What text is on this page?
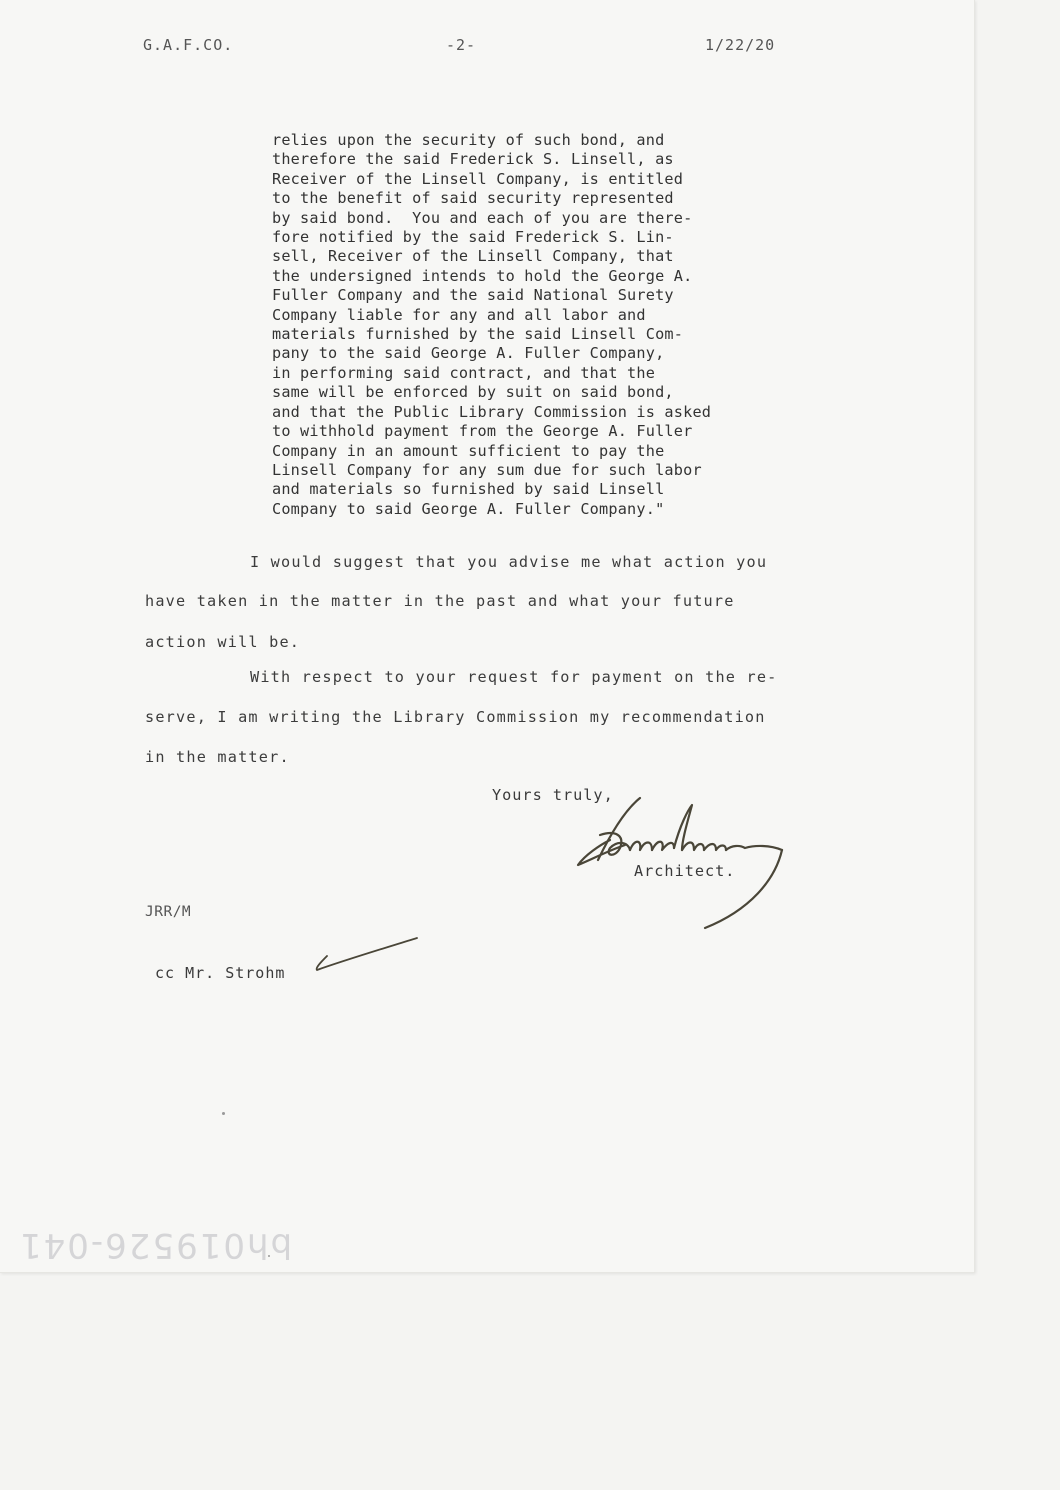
G.A.F.CO.	-2-	1/22/20
relies upon the security of such bond, and
therefore the said Frederick S. Linsell, as
Receiver of the Linsell Company, is entitled
to the benefit of said security represented
by said bond.  You and each of you are there-
fore notified by the said Frederick S. Lin-
sell, Receiver of the Linsell Company, that
the undersigned intends to hold the George A.
Fuller Company and the said National Surety
Company liable for any and all labor and
materials furnished by the said Linsell Com-
pany to the said George A. Fuller Company,
in performing said contract, and that the
same will be enforced by suit on said bond,
and that the Public Library Commission is asked
to withhold payment from the George A. Fuller
Company in an amount sufficient to pay the
Linsell Company for any sum due for such labor
and materials so furnished by said Linsell
Company to said George A. Fuller Company."
I would suggest that you advise me what action you
have taken in the matter in the past and what your future
action will be.
With respect to your request for payment on the re-
serve, I am writing the Library Commission my recommendation
in the matter.
Yours truly,
Architect.
JRR/M
cc Mr. Strohm
bh019526-041
